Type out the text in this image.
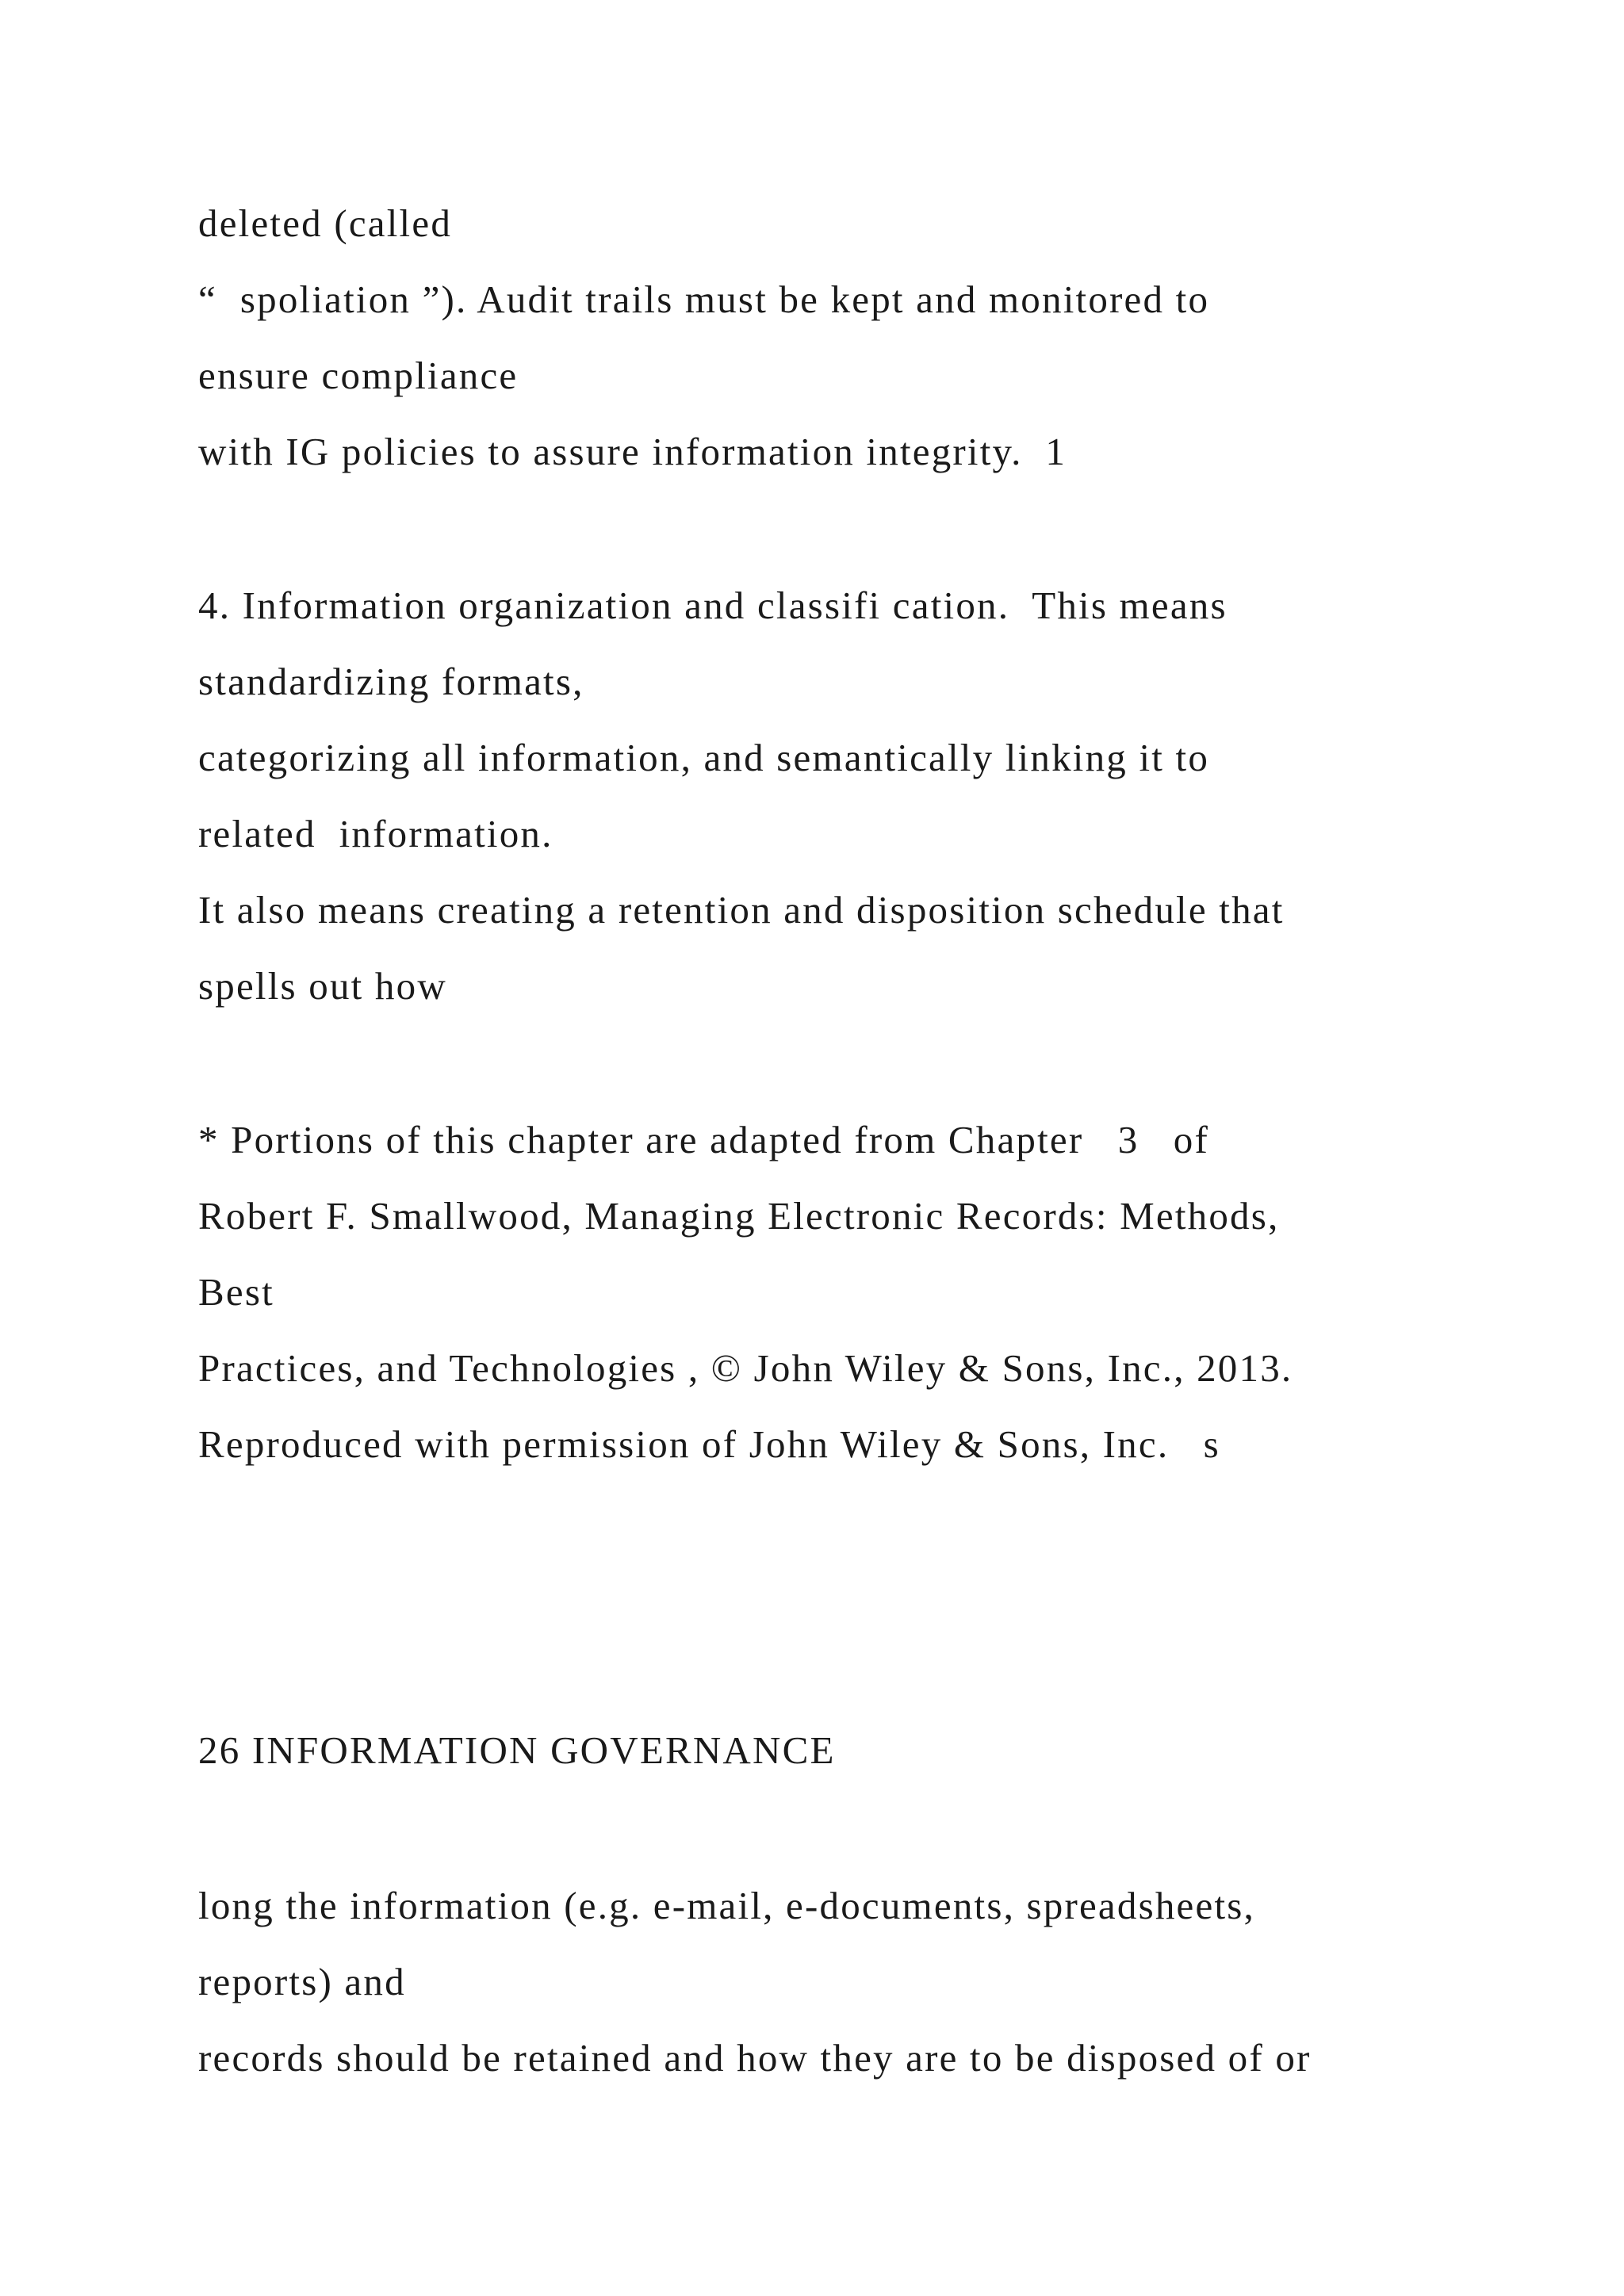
deleted (called
“  spoliation ”). Audit trails must be kept and monitored to
ensure compliance
with IG policies to assure information integrity.  1
4. Information organization and classifi cation.  This means
standardizing formats,
categorizing all information, and semantically linking it to
related  information.
It also means creating a retention and disposition schedule that
spells out how
* Portions of this chapter are adapted from Chapter   3   of
Robert F. Smallwood, Managing Electronic Records: Methods,
Best
Practices, and Technologies , © John Wiley & Sons, Inc., 2013.
Reproduced with permission of John Wiley & Sons, Inc.   s
26 INFORMATION GOVERNANCE
long the information (e.g. e-mail, e-documents, spreadsheets,
reports) and
records should be retained and how they are to be disposed of or
